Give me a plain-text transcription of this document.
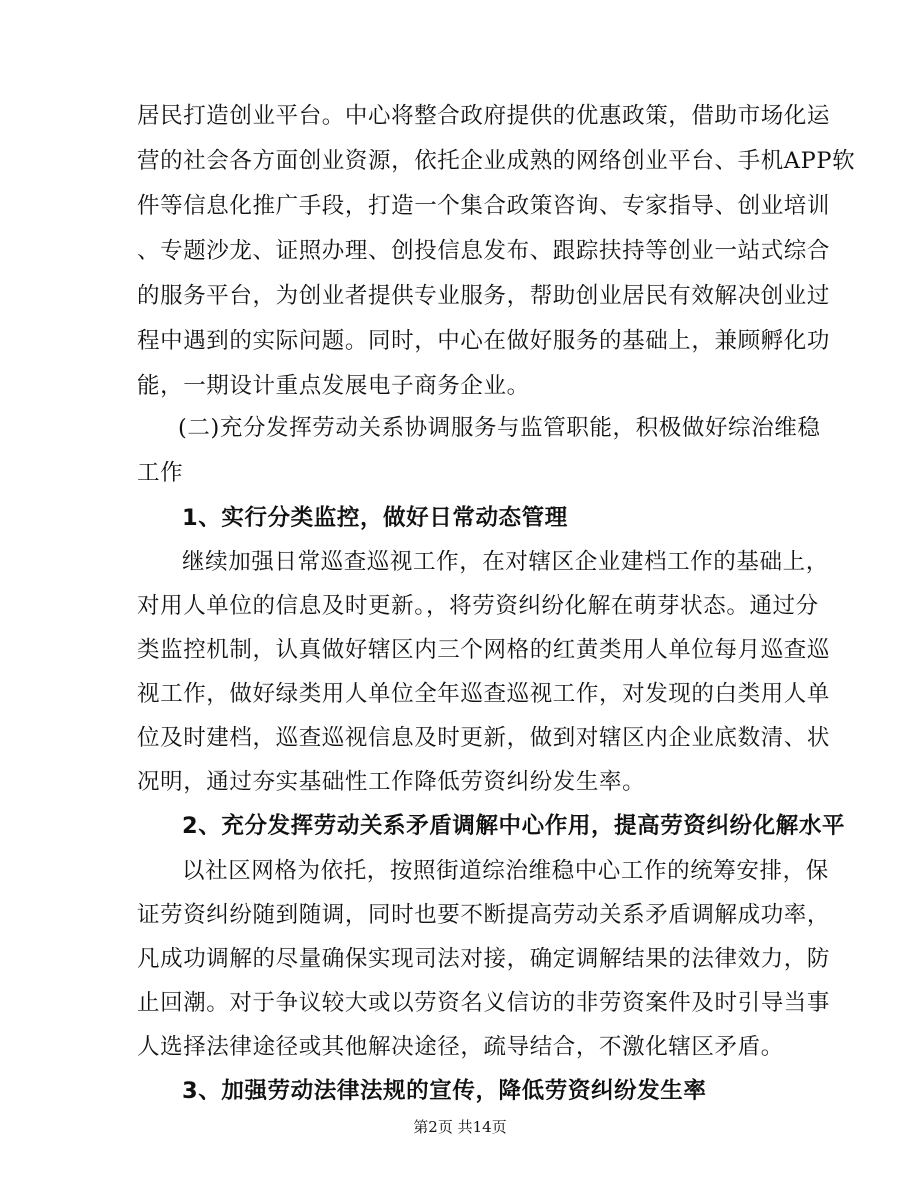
居民打造创业平台。中心将整合政府提供的优惠政策，借助市场化运
营的社会各方面创业资源，依托企业成熟的网络创业平台、手机APP软
件等信息化推广手段，打造一个集合政策咨询、专家指导、创业培训
、专题沙龙、证照办理、创投信息发布、跟踪扶持等创业一站式综合
的服务平台，为创业者提供专业服务，帮助创业居民有效解决创业过
程中遇到的实际问题。同时，中心在做好服务的基础上，兼顾孵化功
能，一期设计重点发展电子商务企业。
(二)充分发挥劳动关系协调服务与监管职能，积极做好综治维稳
工作
1、实行分类监控，做好日常动态管理
继续加强日常巡查巡视工作，在对辖区企业建档工作的基础上，
对用人单位的信息及时更新。，将劳资纠纷化解在萌芽状态。通过分
类监控机制，认真做好辖区内三个网格的红黄类用人单位每月巡查巡
视工作，做好绿类用人单位全年巡查巡视工作，对发现的白类用人单
位及时建档，巡查巡视信息及时更新，做到对辖区内企业底数清、状
况明，通过夯实基础性工作降低劳资纠纷发生率。
2、充分发挥劳动关系矛盾调解中心作用，提高劳资纠纷化解水平
以社区网格为依托，按照街道综治维稳中心工作的统筹安排，保
证劳资纠纷随到随调，同时也要不断提高劳动关系矛盾调解成功率，
凡成功调解的尽量确保实现司法对接，确定调解结果的法律效力，防
止回潮。对于争议较大或以劳资名义信访的非劳资案件及时引导当事
人选择法律途径或其他解决途径，疏导结合，不激化辖区矛盾。
3、加强劳动法律法规的宣传，降低劳资纠纷发生率
第2页 共14页
